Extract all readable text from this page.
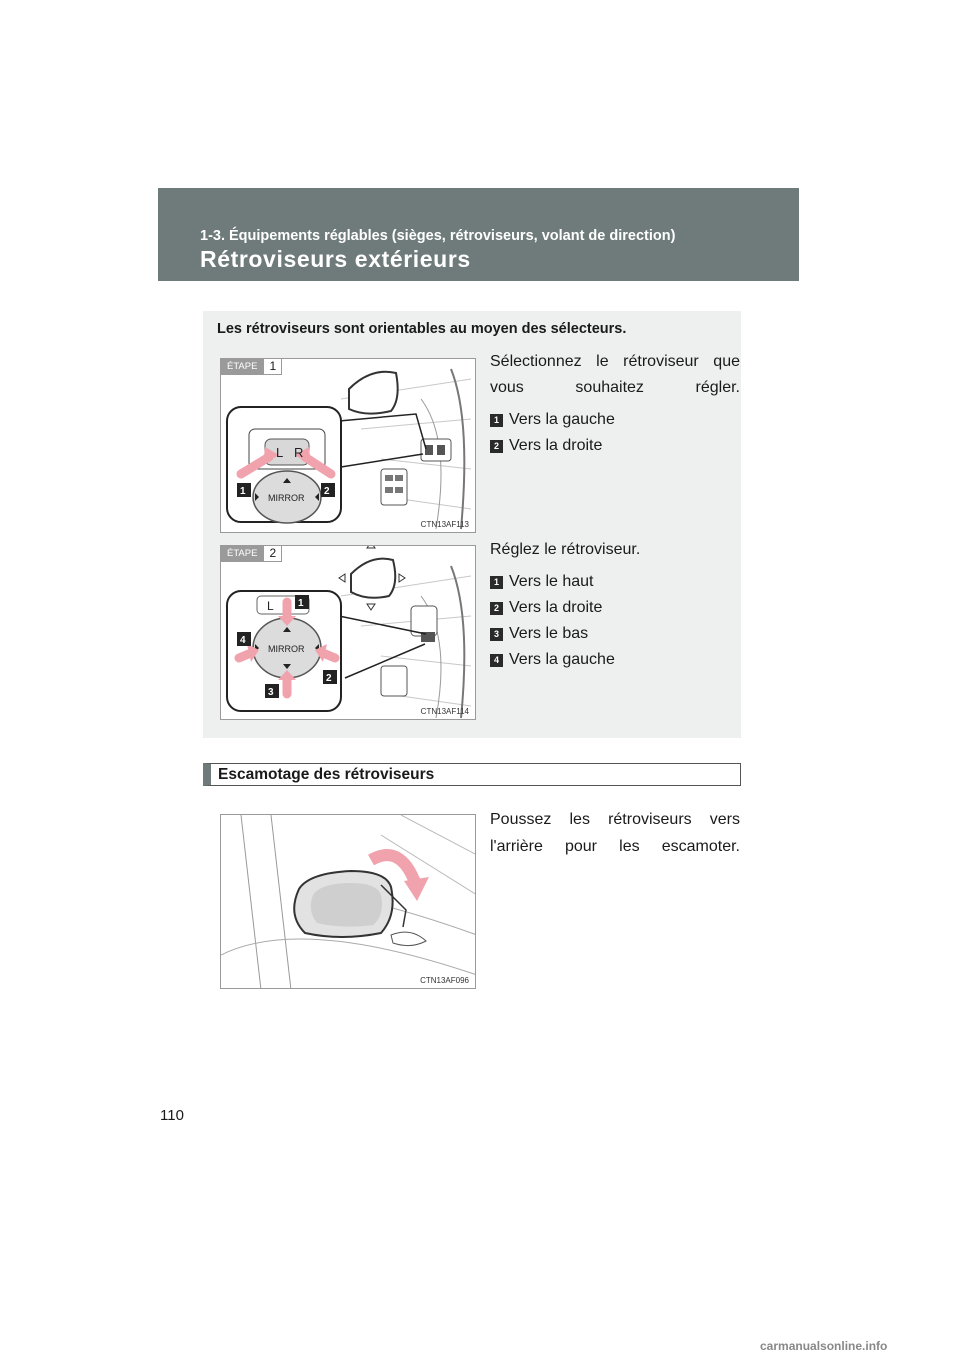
1-3. Équipements réglables (sièges, rétroviseurs, volant de direction)
Rétroviseurs extérieurs
Les rétroviseurs sont orientables au moyen des sélecteurs.
L R
MIRROR
1	2
ÉTAPE	1
CTN13AF113
Sélectionnez le rétroviseur que vous souhaitez régler.
1 Vers la gauche
2 Vers la droite
L
MIRROR
1
2
3
4
ÉTAPE	2
CTN13AF114
Réglez le rétroviseur.
1 Vers le haut
2 Vers la droite
3 Vers le bas
4 Vers la gauche
Escamotage des rétroviseurs
CTN13AF096
Poussez les rétroviseurs vers l'arrière pour les escamoter.
110
carmanualsonline.info
